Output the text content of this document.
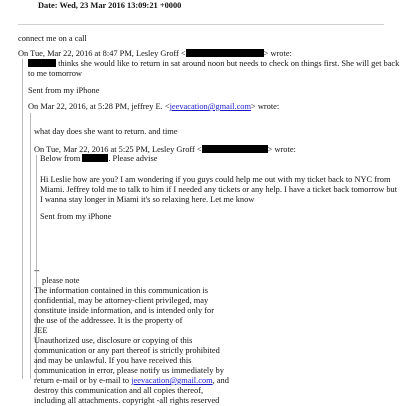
Date: Wed, 23 Mar 2016 13:09:21 +0000
connect me on a call
On Tue, Mar 22, 2016 at 8:47 PM, Lesley Groff <	> wrote:
thinks she would like to return in sat around noon but needs to check on things first. She will get back
to me tomorrow
Sent from my iPhone
On Mar 22, 2016, at 5:28 PM, jeffrey E. <jeevacation@gmail.com> wrote:
what day does she want to return. and time
On Tue, Mar 22, 2016 at 5:25 PM, Lesley Groff <	> wrote:
Below from	. Please advise
Hi Leslie how are you? I am wondering if you guys could help me out with my ticket back to NYC from
Miami. Jeffrey told me to talk to him if I needed any tickets or any help. I have a ticket back tomorrow but
I wanna stay longer in Miami it's so relaxing here. Let me know
Sent from my iPhone
--
please note
The information contained in this communication is
confidential, may be attorney-client privileged, may
constitute inside information, and is intended only for
the use of the addressee. It is the property of
JEE
Unauthorized use, disclosure or copying of this
communication or any part thereof is strictly prohibited
and may be unlawful. If you have received this
communication in error, please notify us immediately by
return e-mail or by e-mail to jeevacation@gmail.com, and
destroy this communication and all copies thereof,
including all attachments. copyright -all rights reserved
